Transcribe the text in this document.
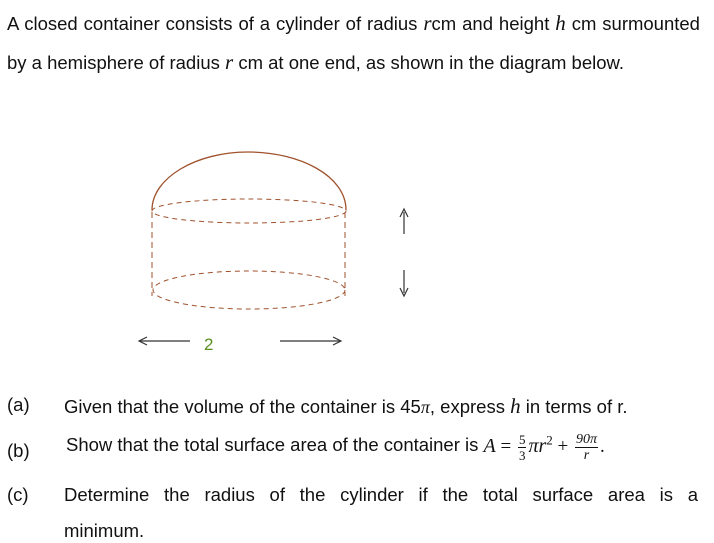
A closed container consists of a cylinder of radius rcm and height h cm surmounted by a hemisphere of radius r cm at one end, as shown in the diagram below.

2
(a) Given that the volume of the container is 45π, express h in terms of r.
(b) Show that the total surface area of the container is $A = \frac{5}{3} \pi r^2 + \frac{90\pi}{r}$ .
(c) Determine the radius of the cylinder if the total surface area is a
minimum.
